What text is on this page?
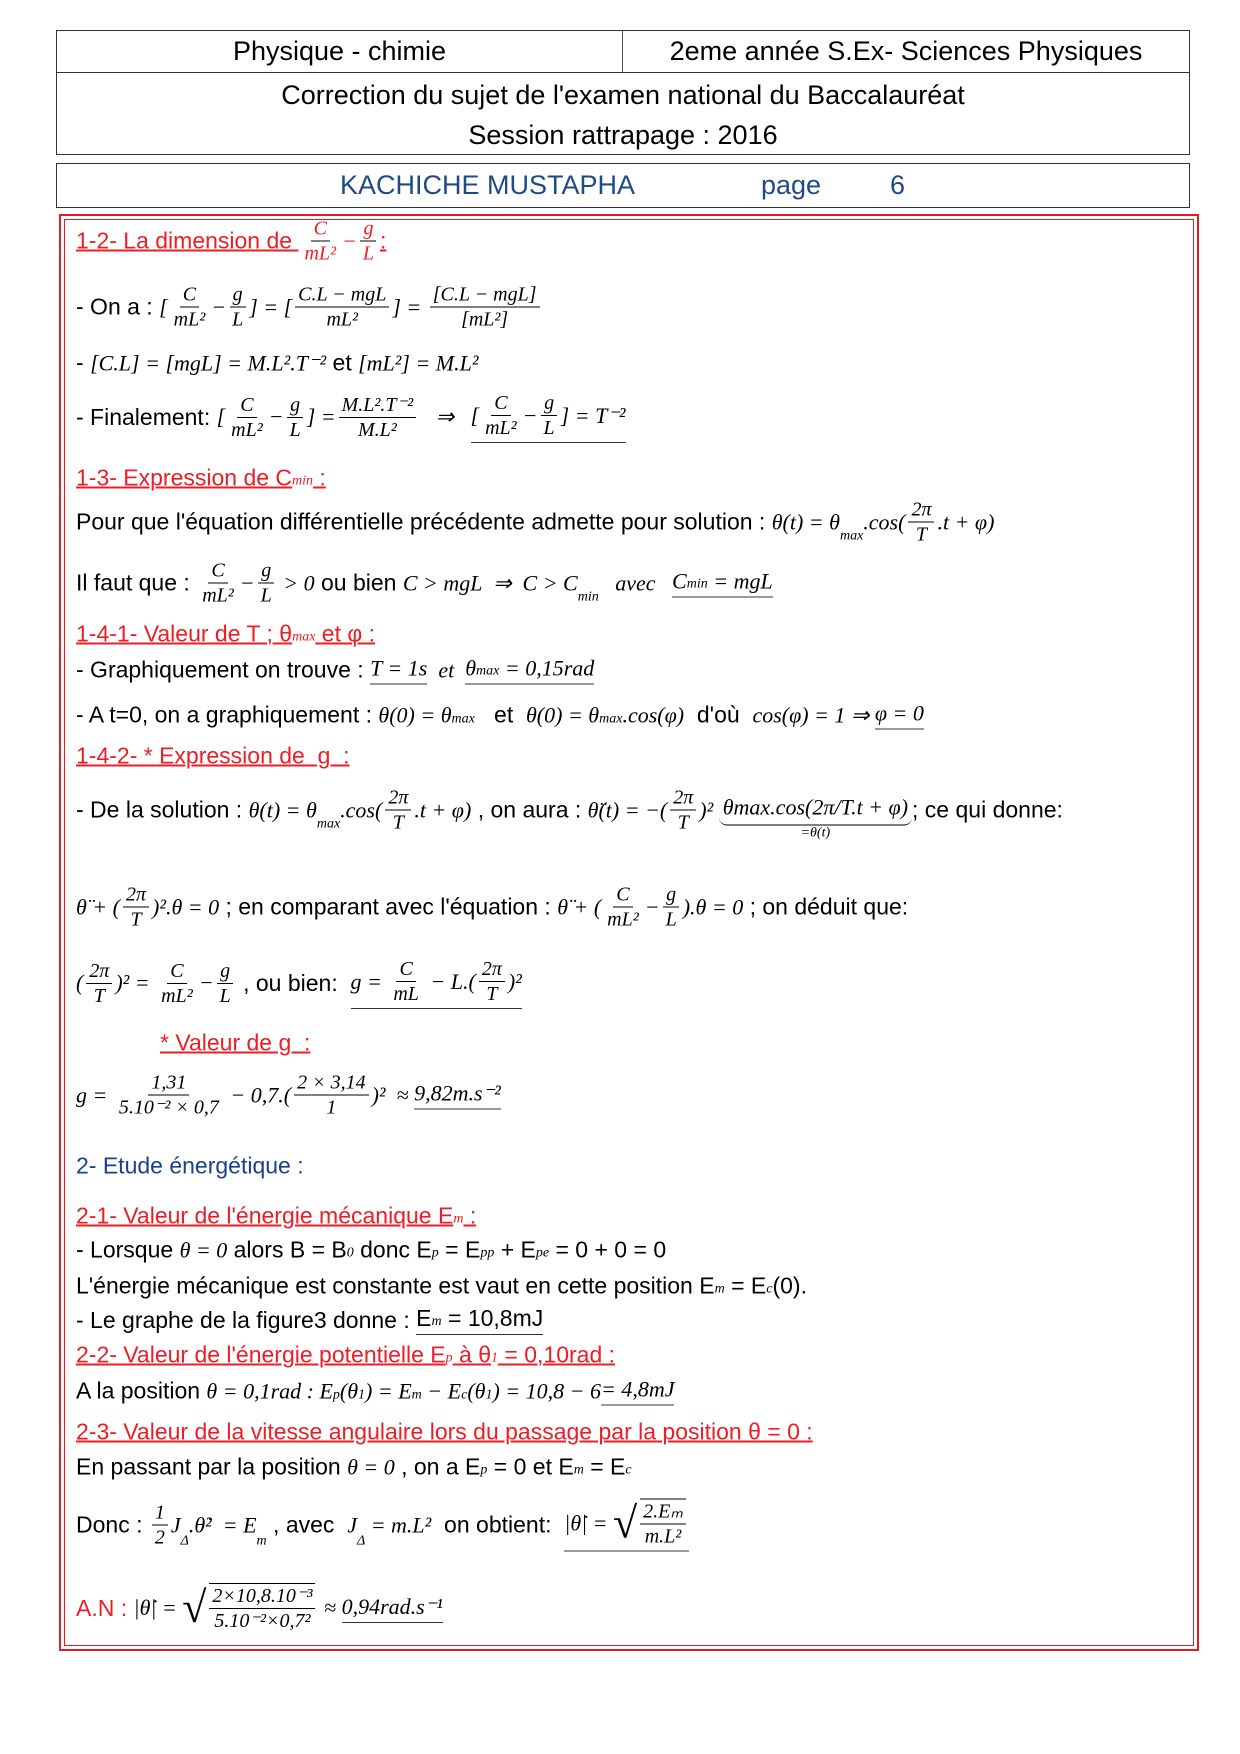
Physique - chimie	2eme année S.Ex- Sciences Physiques
Correction du sujet de l'examen national du Baccalauréat
Session rattrapage : 2016
KACHICHE MUSTAPHA	page	6
1-2- La dimension de $\frac{C}{\text{mL²}} - \frac{g}{L}$ :
- On a : [ $\frac{C}{\text{mL²}} - \frac{g}{L}$ ] = [ $\frac{\text{C.L − mgL}}{\text{mL²}}$ ] = $\frac{\text{[C.L − mgL]}}{\text{[mL²]}}$
- [C.L] = [mgL] = M.L².T⁻² et [mL²] = M.L²
- Finalement: [ $\frac{C}{\text{mL²}} - \frac{g}{L}$ ] = $\frac{\text{M.L².T⁻²}}{\text{M.L²}}$ ⇒ [ $\frac{C}{\text{mL²}} - \frac{g}{L}$ ] = T⁻²
1-3- Expression de C min :
Pour que l'équation différentielle précédente admette pour solution : θ(t) = θ
max
$.\cos( \frac{2\pi}{T} .t + \varphi)$
Il faut que : $\frac{C}{\text{mL²}} - \frac{g}{L} > 0$ ou bien C > mgL  ⇒  C > C
min
avec C min = mgL
1-4-1- Valeur de T ; θ max et φ :
- Graphiquement on trouve : T = 1s et θ max = 0,15rad
- A t=0, on a graphiquement : θ(0) = θ max et θ(0) = θ max .cos(φ) d'où cos(φ) = 1 ⇒ φ = 0
1-4-2- * Expression de  g  :
- De la solution : θ(t) = θ
max
$.\cos( \frac{2\pi}{T} .t + \varphi)$ , on aura : θ̈(t) = −( $\frac{2\pi}{T} )^2$ θmax.cos(2π/T.t + φ)
=θ(t)
; ce qui donne:
θ̈ + ( $\frac{2\pi}{T} )^2.\theta = 0$ ; en comparant avec l'équation : θ̈ + ( $\frac{C}{\text{mL²}} - \frac{g}{L} ).\theta = 0$ ; on déduit que:
( $\frac{2\pi}{T} )^2 = \frac{C}{\text{mL²}} - \frac{g}{L}$ , ou bien: $g = \frac{C}{mL} - L.( \frac{2\pi}{T} )^2$
* Valeur de g  :
$g = \frac{1,31}{\text{5.10⁻² × 0,7}} - 0,7.( \frac{2 \times 3,14}{1} )^2 \approx 9,82m.s^{-2}$
2- Etude énergétique :
2-1- Valeur de l'énergie mécanique E m :
- Lorsque θ = 0 alors B = B 0 donc E p = E pp + E pe = 0 + 0 = 0
L'énergie mécanique est constante est vaut en cette position E m = E c (0).
- Le graphe de la figure3 donne : E m = 10,8mJ
2-2- Valeur de l'énergie potentielle E p à θ 1 = 0,10rad :
A la position θ = 0,1rad : E p (θ 1 ) = E m − E c (θ 1 ) = 10,8 − 6 = 4,8mJ
2-3- Valeur de la vitesse angulaire lors du passage par la position θ = 0 :
En passant par la position θ = 0 , on a E p = 0 et E m = E c
Donc : $\frac{1}{2}$ J
Δ
.θ̇²  = E
m
, avec J
Δ
= m.L² on obtient: |θ̇| = √ $\frac{\text{2.Eₘ}}{\text{m.L²}}$
A.N : |θ̇| = √ $\frac{\text{2×10,8.10⁻³}}{\text{5.10⁻²×0,7²}} \approx 0,94rad.s^{-1}$
